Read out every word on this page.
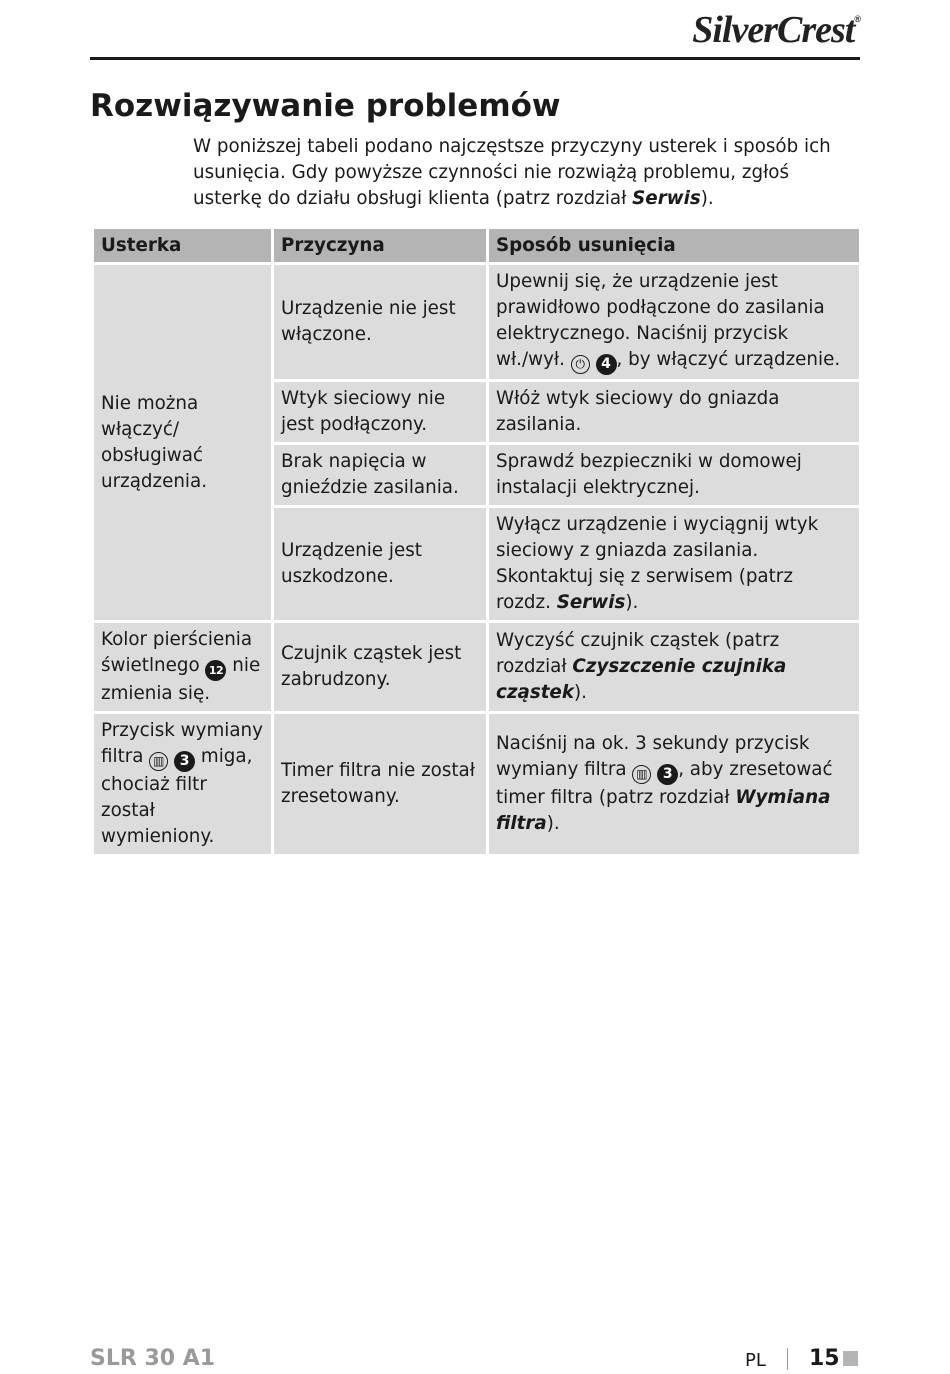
SilverCrest®
Rozwiązywanie problemów

W poniższej tabeli podano najczęstsze przyczyny usterek i sposób ich usunięcia. Gdy powyższe czynności nie rozwiążą problemu, zgłoś usterkę do działu obsługi klienta (patrz rozdział Serwis).

Usterka	Przyczyna	Sposób usunięcia
Nie można włączyć/ obsługiwać urządzenia.	Urządzenie nie jest włączone.	Upewnij się, że urządzenie jest prawidłowo podłączone do zasilania elektrycznego. Naciśnij przycisk wł./wył. ⏻ 4 , by włączyć urządzenie.
	Wtyk sieciowy nie jest podłączony.	Włóż wtyk sieciowy do gniazda zasilania.
	Brak napięcia w gnieździe zasilania.	Sprawdź bezpieczniki w domowej instalacji elektrycznej.
	Urządzenie jest uszkodzone.	Wyłącz urządzenie i wyciągnij wtyk sieciowy z gniazda zasilania. Skontaktuj się z serwisem (patrz rozdz. Serwis).
Kolor pierścienia świetlnego 12 nie zmienia się.	Czujnik cząstek jest zabrudzony.	Wyczyść czujnik cząstek (patrz rozdział Czyszczenie czujnika cząstek).
Przycisk wymiany filtra ▥ 3 miga, chociaż filtr został wymieniony.	Timer filtra nie został zresetowany.	Naciśnij na ok. 3 sekundy przycisk wymiany filtra ▥ 3 , aby zresetować timer filtra (patrz rozdział Wymiana filtra).
SLR 30 A1	PL 15
